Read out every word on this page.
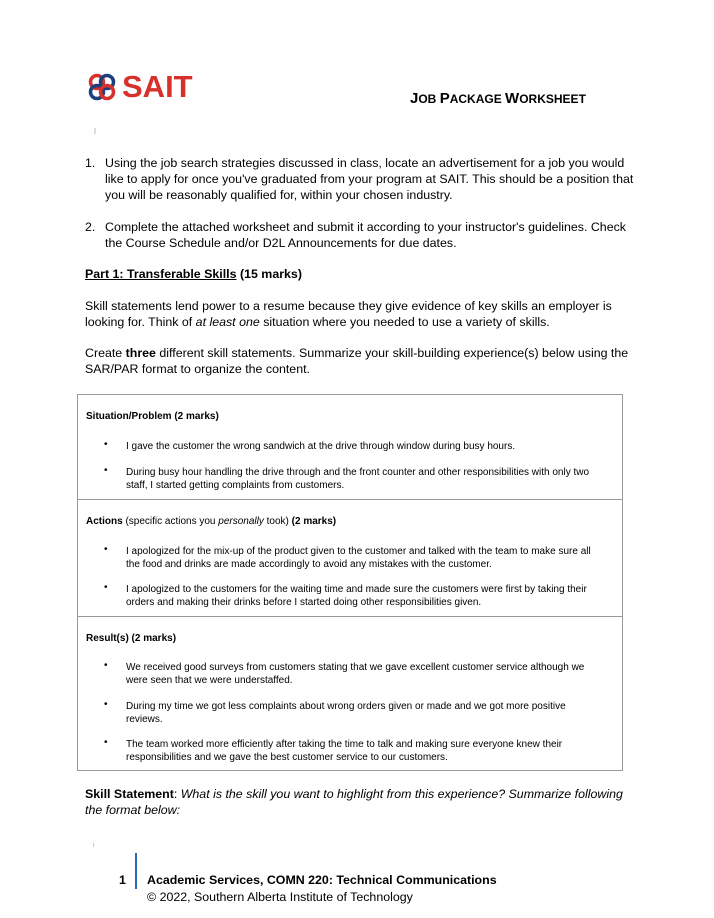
SAIT	JOB PACKAGE WORKSHEET
1. Using the job search strategies discussed in class, locate an advertisement for a job you would like to apply for once you've graduated from your program at SAIT. This should be a position that you will be reasonably qualified for, within your chosen industry.
2. Complete the attached worksheet and submit it according to your instructor's guidelines. Check the Course Schedule and/or D2L Announcements for due dates.
Part 1: Transferable Skills (15 marks)
Skill statements lend power to a resume because they give evidence of key skills an employer is looking for. Think of at least one situation where you needed to use a variety of skills.
Create three different skill statements. Summarize your skill-building experience(s) below using the SAR/PAR format to organize the content.
Situation/Problem (2 marks)
• I gave the customer the wrong sandwich at the drive through window during busy hours.
• During busy hour handling the drive through and the front counter and other responsibilities with only two staff, I started getting complaints from customers.
Actions (specific actions you personally took) (2 marks)
• I apologized for the mix-up of the product given to the customer and talked with the team to make sure all the food and drinks are made accordingly to avoid any mistakes with the customer.
• I apologized to the customers for the waiting time and made sure the customers were first by taking their orders and making their drinks before I started doing other responsibilities given.
Result(s) (2 marks)
• We received good surveys from customers stating that we gave excellent customer service although we were seen that we were understaffed.
• During my time we got less complaints about wrong orders given or made and we got more positive reviews.
• The team worked more efficiently after taking the time to talk and making sure everyone knew their responsibilities and we gave the best customer service to our customers.
Skill Statement: What is the skill you want to highlight from this experience? Summarize following the format below:
1 Academic Services, COMN 220: Technical Communications
© 2022, Southern Alberta Institute of Technology
